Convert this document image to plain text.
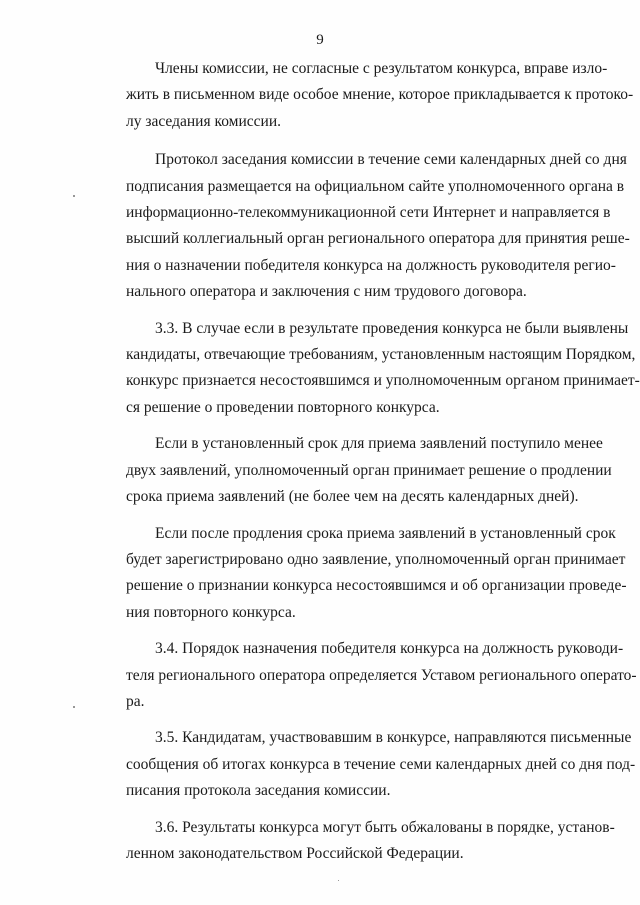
9
Члены комиссии, не согласные с результатом конкурса, вправе изло-
жить в письменном виде особое мнение, которое прикладывается к протоко-
лу заседания комиссии.
Протокол заседания комиссии в течение семи календарных дней со дня
подписания размещается на официальном сайте уполномоченного органа в
информационно-телекоммуникационной сети Интернет и направляется в
высший коллегиальный орган регионального оператора для принятия реше-
ния о назначении победителя конкурса на должность руководителя регио-
нального оператора и заключения с ним трудового договора.
3.3. В случае если в результате проведения конкурса не были выявлены
кандидаты, отвечающие требованиям, установленным настоящим Порядком,
конкурс признается несостоявшимся и уполномоченным органом принимает-
ся решение о проведении повторного конкурса.
Если в установленный срок для приема заявлений поступило менее
двух заявлений, уполномоченный орган принимает решение о продлении
срока приема заявлений (не более чем на десять календарных дней).
Если после продления срока приема заявлений в установленный срок
будет зарегистрировано одно заявление, уполномоченный орган принимает
решение о признании конкурса несостоявшимся и об организации проведе-
ния повторного конкурса.
3.4. Порядок назначения победителя конкурса на должность руководи-
теля регионального оператора определяется Уставом регионального операто-
ра.
3.5. Кандидатам, участвовавшим в конкурсе, направляются письменные
сообщения об итогах конкурса в течение семи календарных дней со дня под-
писания протокола заседания комиссии.
3.6. Результаты конкурса могут быть обжалованы в порядке, установ-
ленном законодательством Российской Федерации.
